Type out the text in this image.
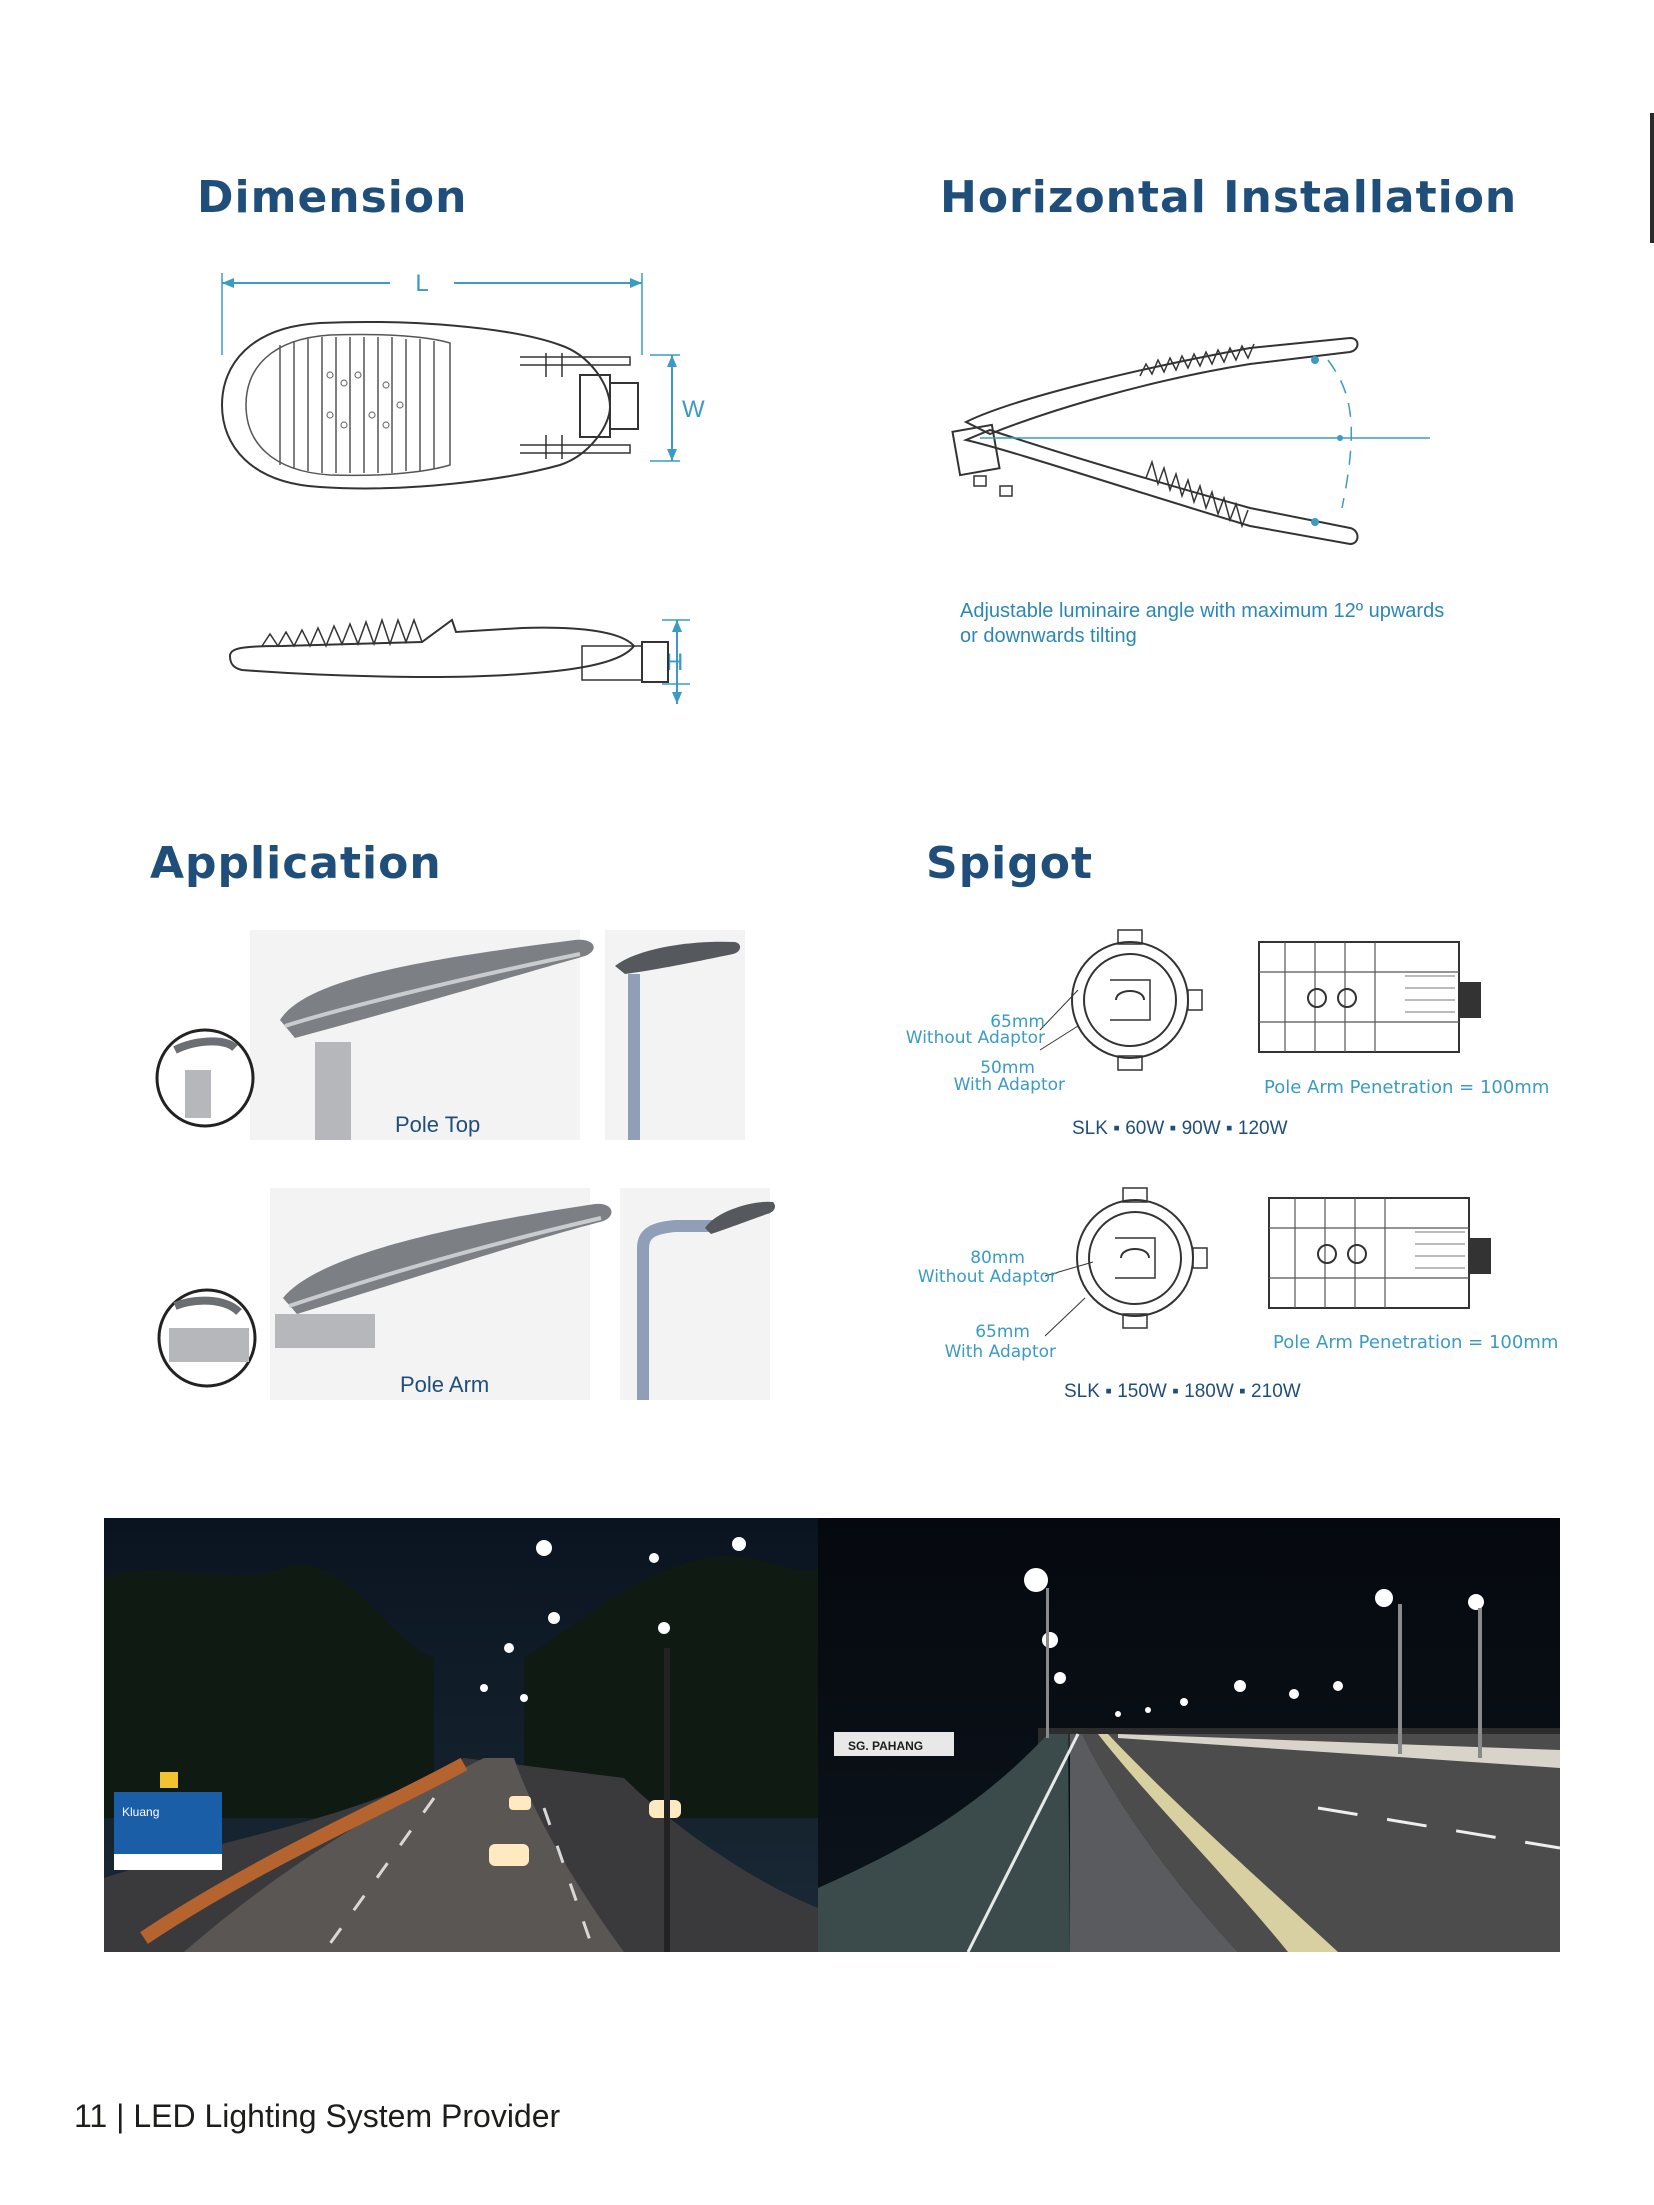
Dimension	Horizontal Installation
Application	Spigot
L
W
H
Adjustable luminaire angle with maximum 12º upwards
or downwards tilting
Pole Top
Pole Arm
65mm
Without Adaptor
50mm
With Adaptor	Pole Arm Penetration = 100mm
SLK ▪ 60W ▪ 90W ▪ 120W
80mm
Without Adaptor
65mm
With Adaptor	Pole Arm Penetration = 100mm
SLK ▪ 150W ▪ 180W ▪ 210W
Kluang
SG. PAHANG
11 | LED Lighting System Provider
